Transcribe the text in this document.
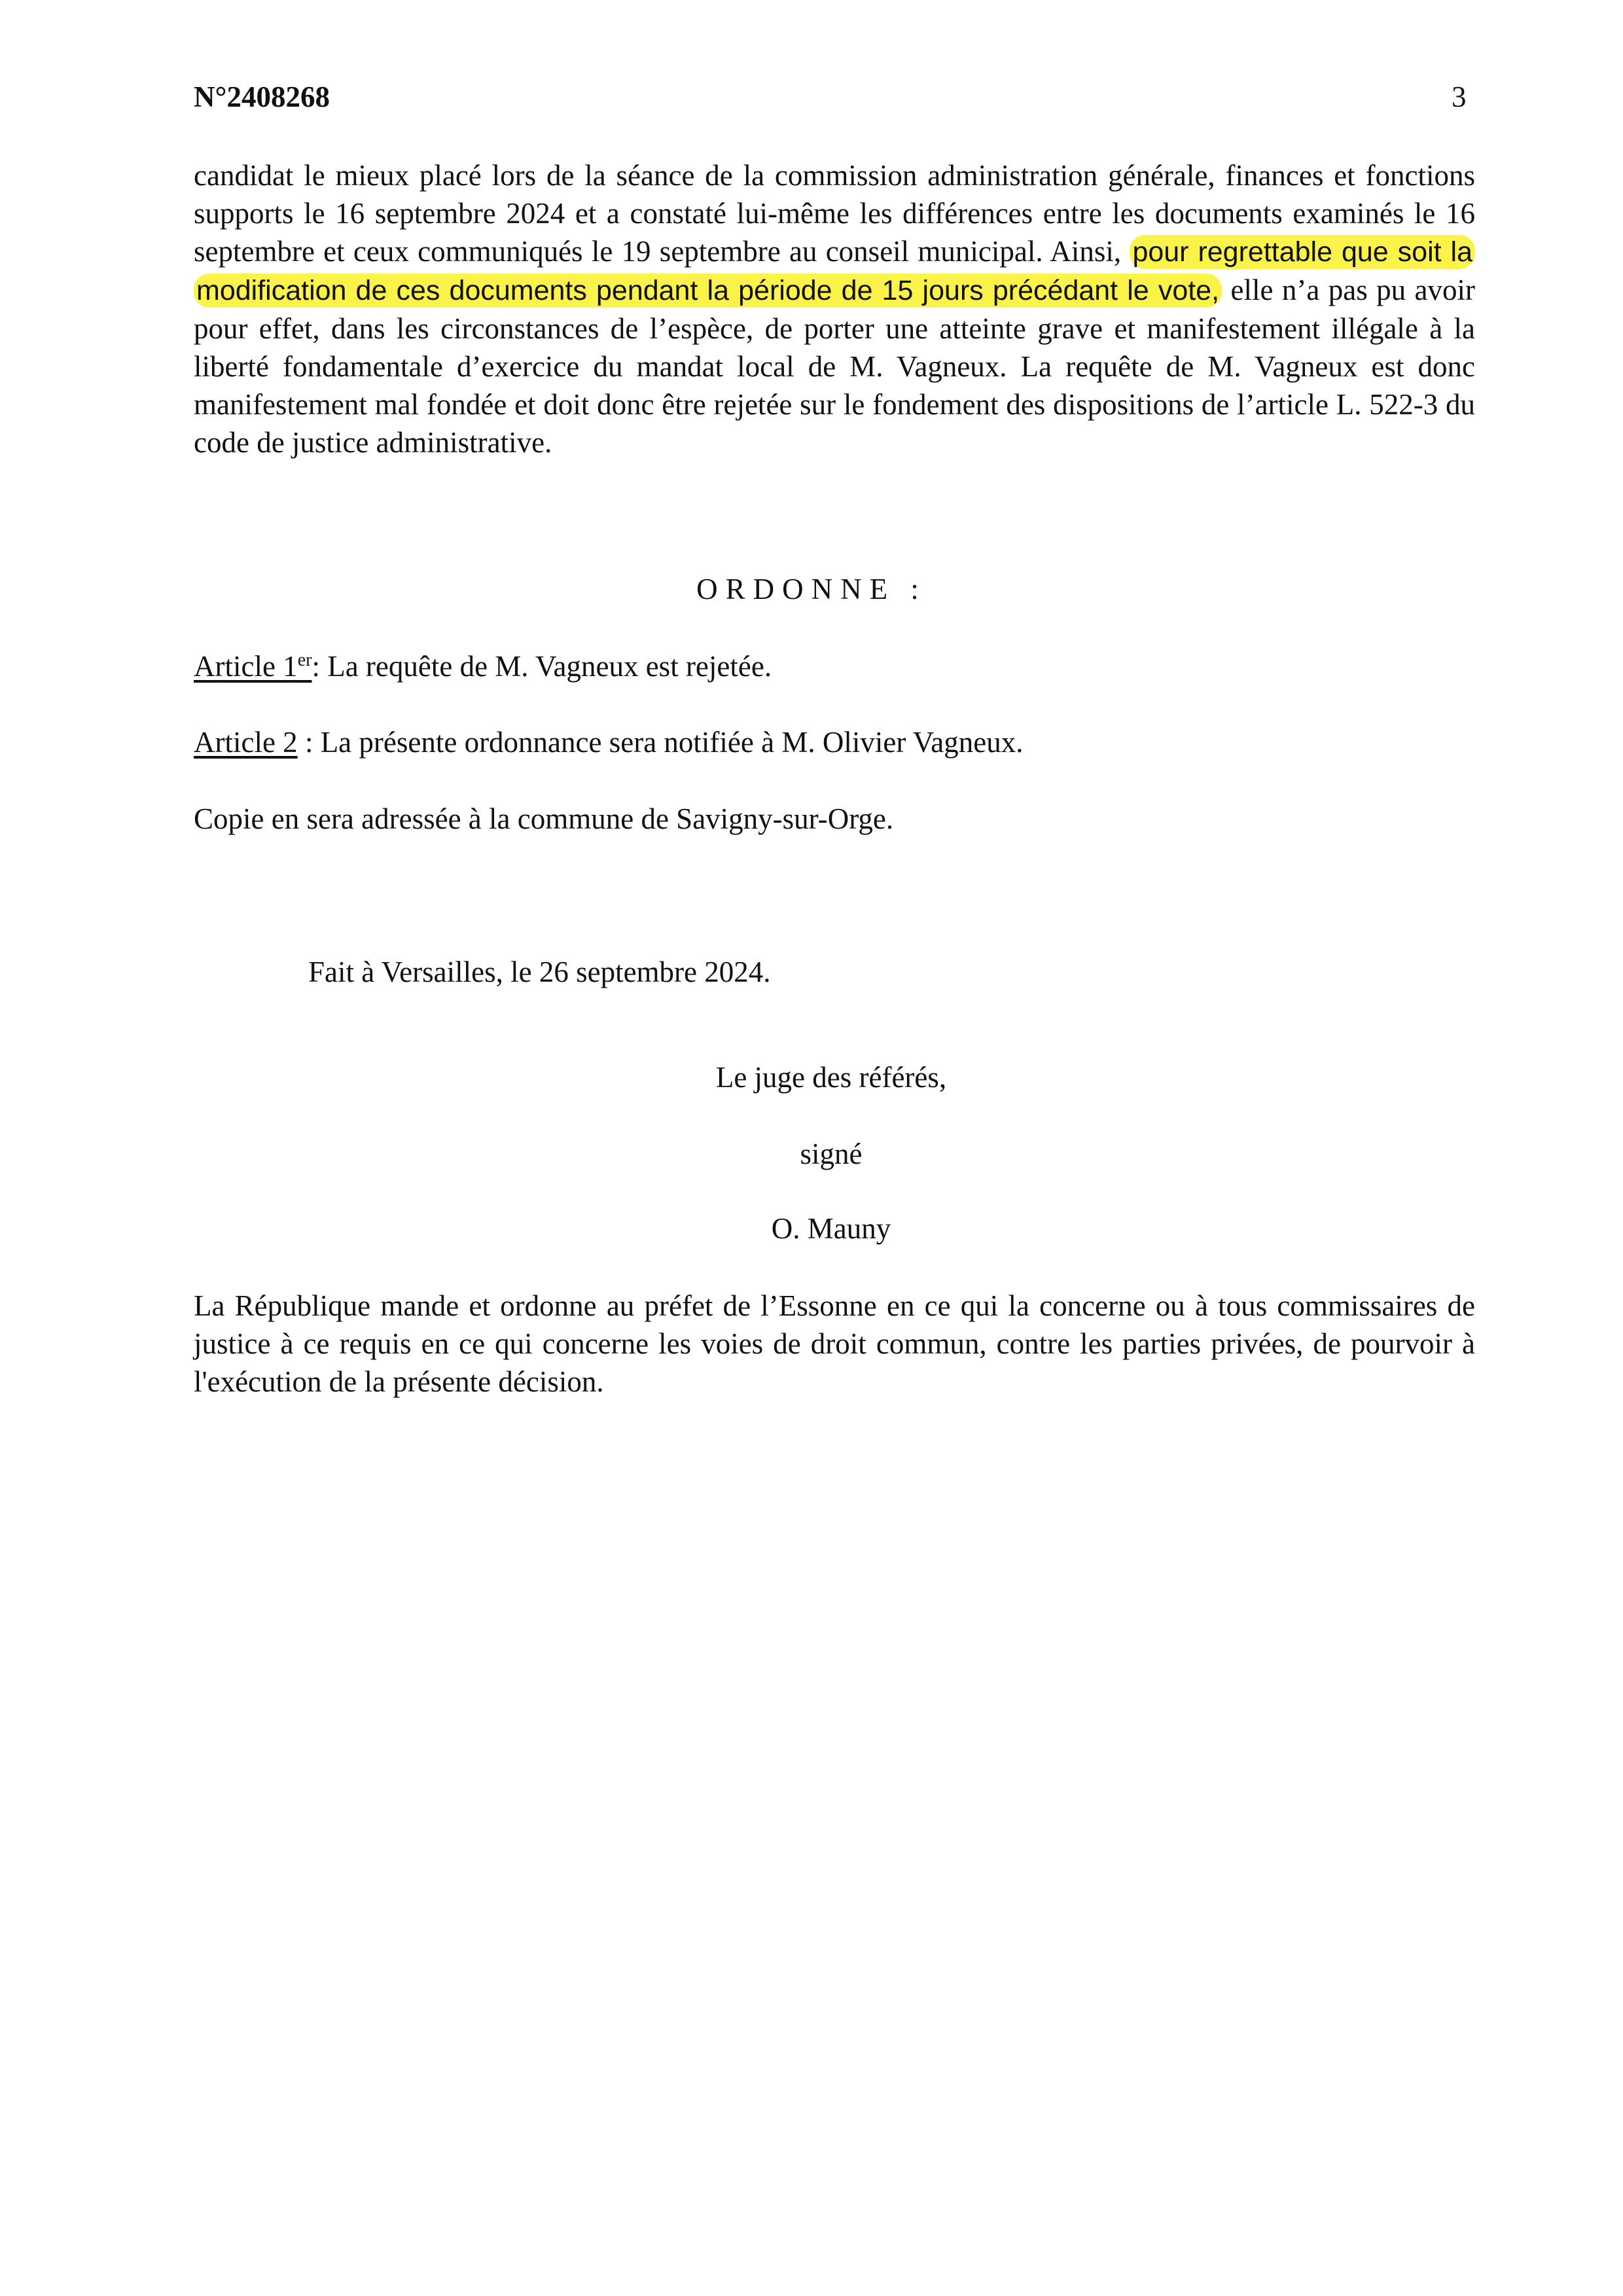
N°2408268	3
candidat le mieux placé lors de la séance de la commission administration générale, finances et fonctions supports le 16 septembre 2024 et a constaté lui-même les différences entre les documents examinés le 16 septembre et ceux communiqués le 19 septembre au conseil municipal. Ainsi, pour regrettable que soit la modification de ces documents pendant la période de 15 jours précédant le vote, elle n’a pas pu avoir pour effet, dans les circonstances de l’espèce, de porter une atteinte grave et manifestement illégale à la liberté fondamentale d’exercice du mandat local de M. Vagneux. La requête de M. Vagneux est donc manifestement mal fondée et doit donc être rejetée sur le fondement des dispositions de l’article L. 522-3 du code de justice administrative.
ORDONNE :
Article 1er: La requête de M. Vagneux est rejetée.
Article 2 : La présente ordonnance sera notifiée à M. Olivier Vagneux.
Copie en sera adressée à la commune de Savigny-sur-Orge.
Fait à Versailles, le 26 septembre 2024.
Le juge des référés,
signé
O. Mauny
La République mande et ordonne au préfet de l’Essonne en ce qui la concerne ou à tous commissaires de justice à ce requis en ce qui concerne les voies de droit commun, contre les parties privées, de pourvoir à l'exécution de la présente décision.
